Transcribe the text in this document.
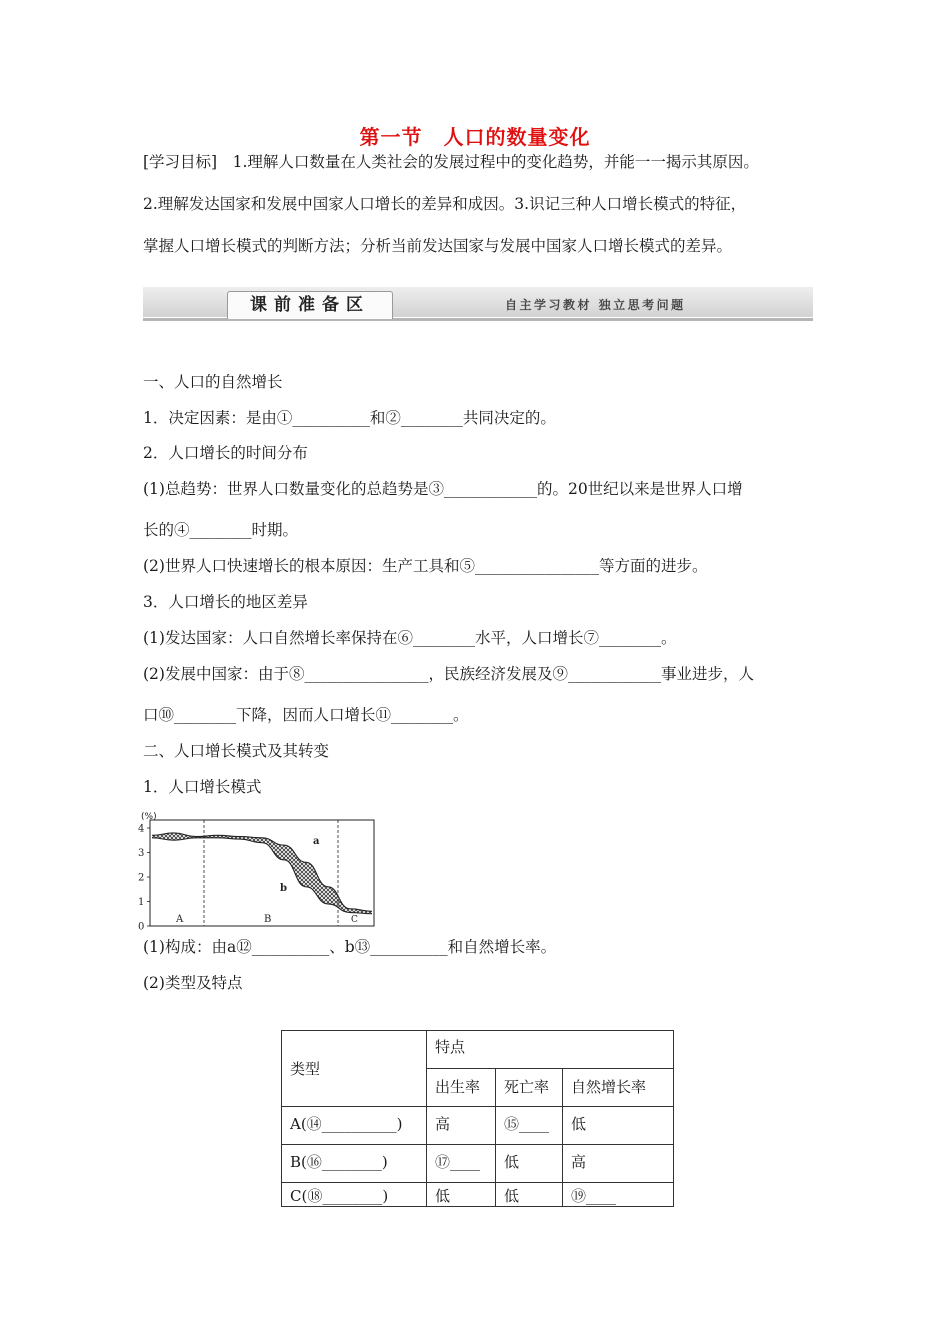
第一节　人口的数量变化
[学习目标]　1.理解人口数量在人类社会的发展过程中的变化趋势，并能一一揭示其原因。
2.理解发达国家和发展中国家人口增长的差异和成因。3.识记三种人口增长模式的特征，
掌握人口增长模式的判断方法；分析当前发达国家与发展中国家人口增长模式的差异。
课前准备区	自主学习教材 独立思考问题
一、人口的自然增长
1．决定因素：是由①__________和②________共同决定的。
2．人口增长的时间分布
(1)总趋势：世界人口数量变化的总趋势是③____________的。20世纪以来是世界人口增
长的④________时期。
(2)世界人口快速增长的根本原因：生产工具和⑤________________等方面的进步。
3．人口增长的地区差异
(1)发达国家：人口自然增长率保持在⑥________水平，人口增长⑦________。
(2)发展中国家：由于⑧________________，民族经济发展及⑨____________事业进步，人
口⑩________下降，因而人口增长⑪________。
二、人口增长模式及其转变
1．人口增长模式
(%)
0
1
2
3
4
A	B	C
a
b
(1)构成：由a⑫__________、b⑬__________和自然增长率。
(2)类型及特点
类型	特点		
	出生率	死亡率	自然增长率
A(⑭__________)	高	⑮____	低
B(⑯________)	⑰____	低	高
C(⑱________)	低	低	⑲____
